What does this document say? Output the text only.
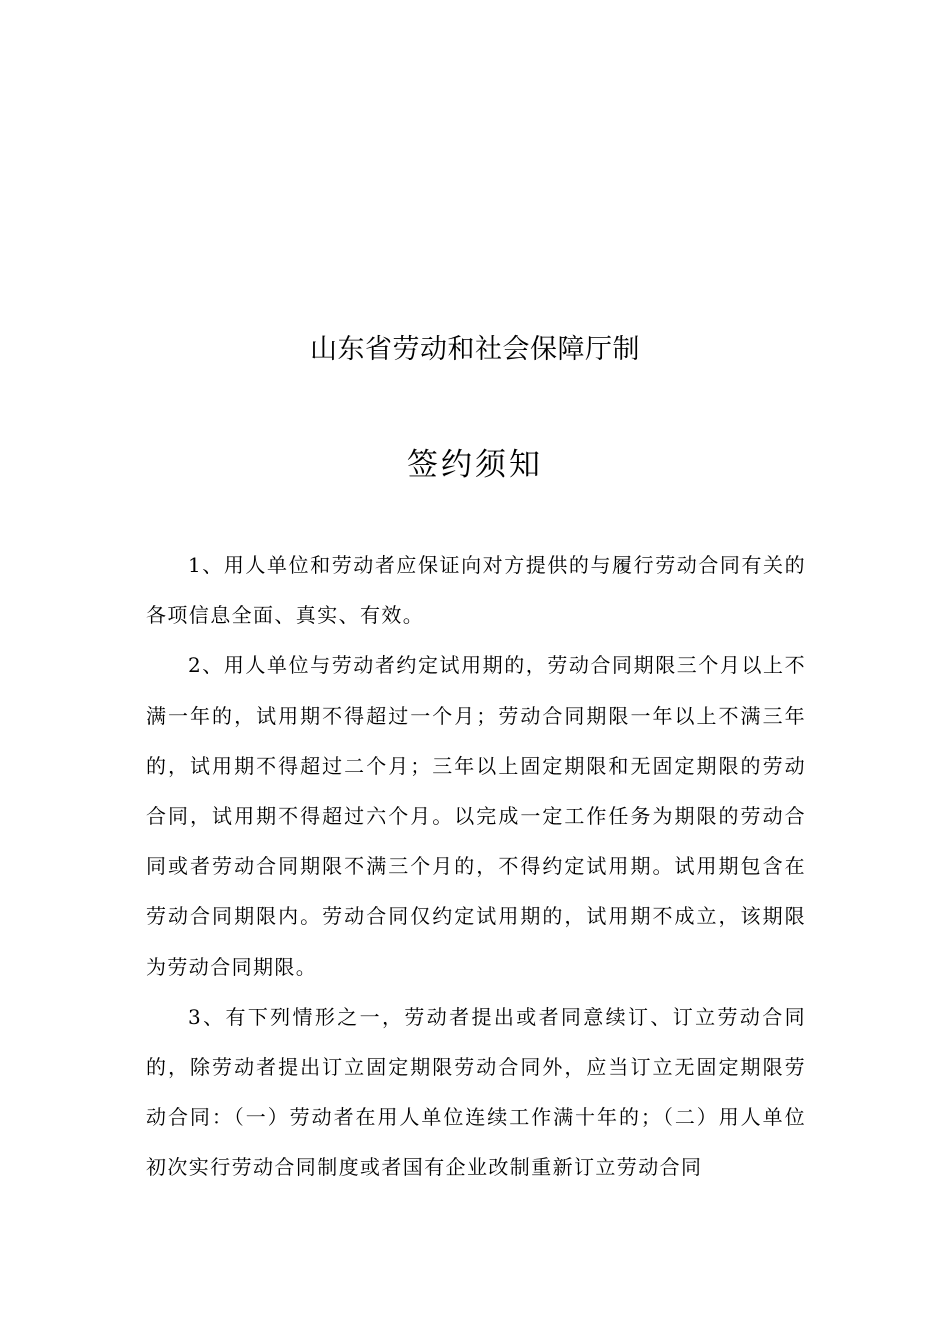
山东省劳动和社会保障厅制
签约须知

1、用人单位和劳动者应保证向对方提供的与履行劳动合同有关的各项信息全面、真实、有效。

2、用人单位与劳动者约定试用期的，劳动合同期限三个月以上不满一年的，试用期不得超过一个月；劳动合同期限一年以上不满三年的，试用期不得超过二个月；三年以上固定期限和无固定期限的劳动合同，试用期不得超过六个月。以完成一定工作任务为期限的劳动合同或者劳动合同期限不满三个月的，不得约定试用期。试用期包含在劳动合同期限内。劳动合同仅约定试用期的，试用期不成立，该期限为劳动合同期限。

3、有下列情形之一，劳动者提出或者同意续订、订立劳动合同的，除劳动者提出订立固定期限劳动合同外，应当订立无固定期限劳动合同：（一）劳动者在用人单位连续工作满十年的；（二）用人单位初次实行劳动合同制度或者国有企业改制重新订立劳动合同
